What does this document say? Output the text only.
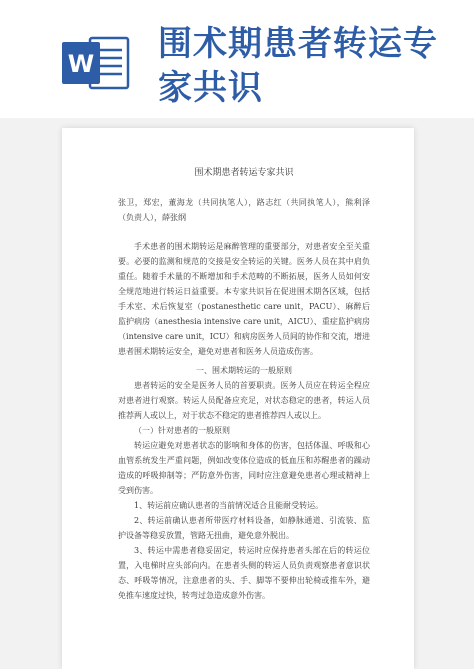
W 围术期患者转运专家共识

围术期患者转运专家共识

张卫，郑宏，董海龙（共同执笔人），路志红（共同执笔人），熊利泽（负责人），薛张纲

手术患者的围术期转运是麻醉管理的重要部分，对患者安全至关重要。必要的监测和规范的交接是安全转运的关键。医务人员在其中肩负重任。随着手术量的不断增加和手术范畴的不断拓展，医务人员如何安全规范地进行转运日益重要。本专家共识旨在促进围术期各区域，包括手术室、术后恢复室（postanesthetic care unit，PACU）、麻醉后监护病房（anesthesia intensive care unit，AICU）、重症监护病房（intensive care unit，ICU）和病房医务人员间的协作和交流，增进患者围术期转运安全，避免对患者和医务人员造成伤害。

一、围术期转运的一般原则

患者转运的安全是医务人员的首要职责。医务人员应在转运全程应对患者进行观察。转运人员配备应充足，对状态稳定的患者，转运人员推荐两人或以上，对于状态不稳定的患者推荐四人或以上。

（一）针对患者的一般原则

转运应避免对患者状态的影响和身体的伤害，包括体温、呼吸和心血管系统发生严重问题，例如改变体位造成的低血压和苏醒患者的躁动造成的呼吸抑制等；严防意外伤害，同时应注意避免患者心理或精神上受到伤害。

1、转运前应确认患者的当前情况适合且能耐受转运。

2、转运前确认患者所带医疗材料设备，如静脉通道、引流装、监护设备等稳妥放置，管路无扭曲，避免意外脱出。

3、转运中需患者稳妥固定，转运时应保持患者头部在后的转运位置，入电梯时应头部向内。在患者头侧的转运人员负责观察患者意识状态、呼吸等情况，注意患者的头、手、脚等不要伸出轮椅或推车外，避免推车速度过快，转弯过急造成意外伤害。
